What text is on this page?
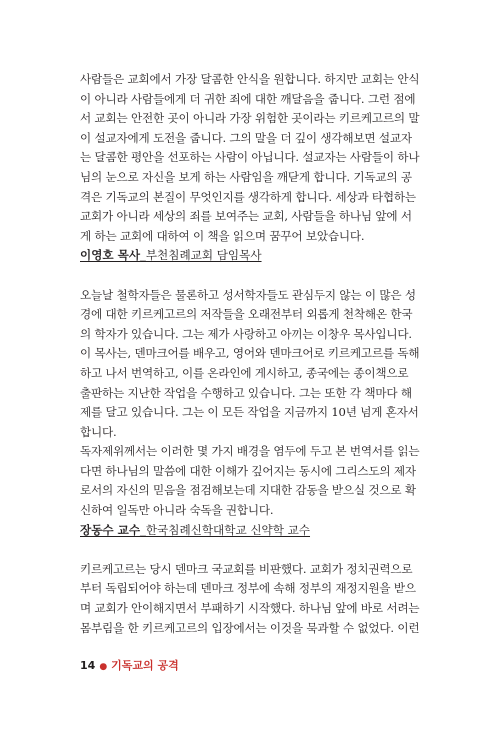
사람들은 교회에서 가장 달콤한 안식을 원합니다. 하지만 교회는 안식
이 아니라 사람들에게 더 귀한 죄에 대한 깨달음을 줍니다. 그런 점에
서 교회는 안전한 곳이 아니라 가장 위험한 곳이라는 키르케고르의 말
이 설교자에게 도전을 줍니다. 그의 말을 더 깊이 생각해보면 설교자
는 달콤한 평안을 선포하는 사람이 아닙니다. 설교자는 사람들이 하나
님의 눈으로 자신을 보게 하는 사람임을 깨닫게 합니다. 기독교의 공
격은 기독교의 본질이 무엇인지를 생각하게 합니다. 세상과 타협하는
교회가 아니라 세상의 죄를 보여주는 교회, 사람들을 하나님 앞에 서
게 하는 교회에 대하여 이 책을 읽으며 꿈꾸어 보았습니다.
이영호 목사_부천침례교회 담임목사
오늘날 철학자들은 물론하고 성서학자들도 관심두지 않는 이 많은 성
경에 대한 키르케고르의 저작들을 오래전부터 외롭게 천착해온 한국
의 학자가 있습니다. 그는 제가 사랑하고 아끼는 이창우 목사입니다.
이 목사는, 덴마크어를 배우고, 영어와 덴마크어로 키르케고르를 독해
하고 나서 번역하고, 이를 온라인에 게시하고, 종국에는 종이책으로
출판하는 지난한 작업을 수행하고 있습니다. 그는 또한 각 책마다 해
제를 달고 있습니다. 그는 이 모든 작업을 지금까지 10년 넘게 혼자서
합니다.
독자제위께서는 이러한 몇 가지 배경을 염두에 두고 본 번역서를 읽는
다면 하나님의 말씀에 대한 이해가 깊어지는 동시에 그리스도의 제자
로서의 자신의 믿음을 점검해보는데 지대한 감동을 받으실 것으로 확
신하여 일독만 아니라 숙독을 권합니다.
장동수 교수_한국침례신학대학교 신약학 교수
키르케고르는 당시 덴마크 국교회를 비판했다. 교회가 정치권력으로
부터 독립되어야 하는데 덴마크 정부에 속해 정부의 재정지원을 받으
며 교회가 안이해지면서 부패하기 시작했다. 하나님 앞에 바로 서려는
몸부림을 한 키르케고르의 입장에서는 이것을 묵과할 수 없었다. 이런
14 ● 기독교의 공격
